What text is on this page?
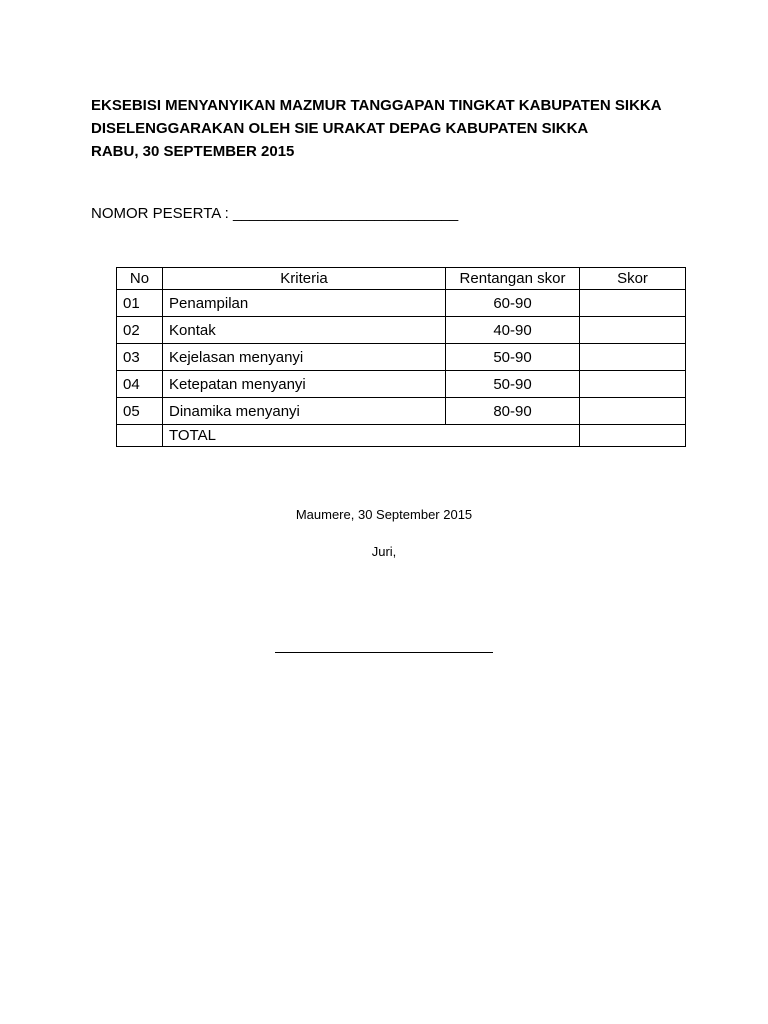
EKSEBISI MENYANYIKAN MAZMUR TANGGAPAN TINGKAT KABUPATEN SIKKA
DISELENGGARAKAN OLEH SIE URAKAT DEPAG KABUPATEN SIKKA
RABU, 30 SEPTEMBER 2015
NOMOR PESERTA : ___________________________
No	Kriteria	Rentangan skor	Skor
01	Penampilan	60-90	
02	Kontak	40-90	
03	Kejelasan menyanyi	50-90	
04	Ketepatan menyanyi	50-90	
05	Dinamika menyanyi	80-90	
	TOTAL		
Maumere, 30 September 2015
Juri,
